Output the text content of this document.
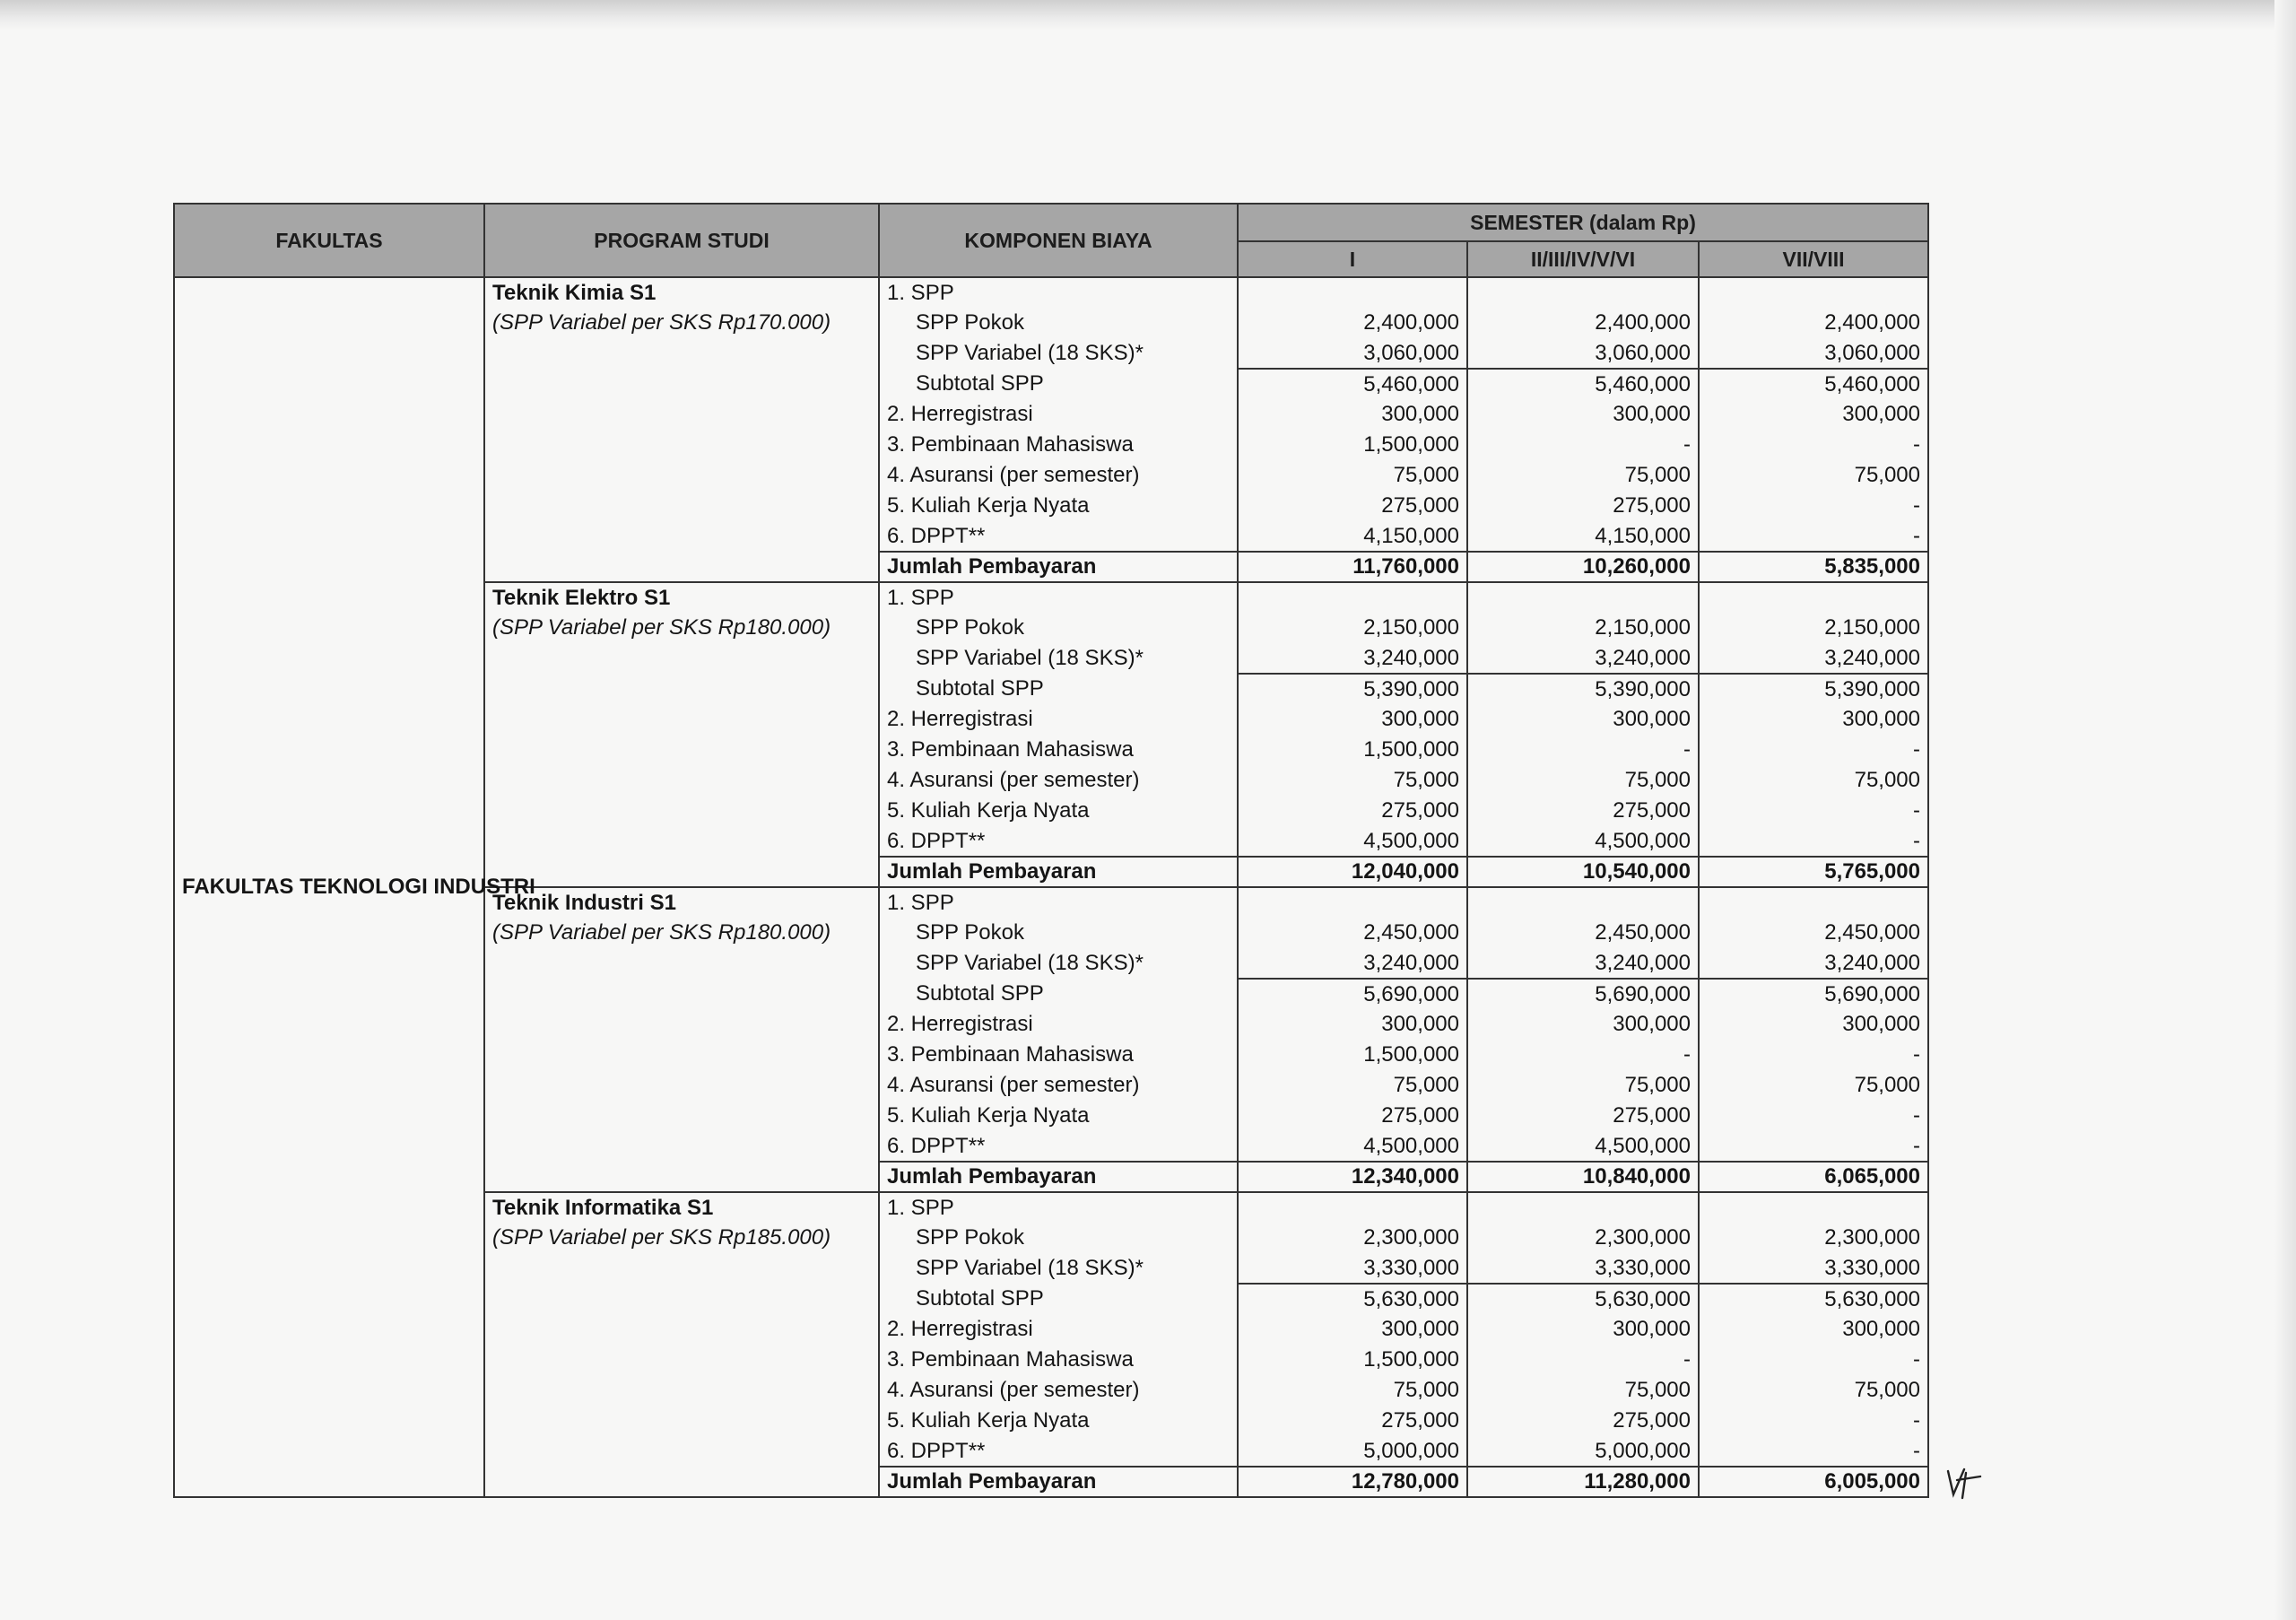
FAKULTAS	PROGRAM STUDI	KOMPONEN BIAYA	SEMESTER (dalam Rp)		
			I	II/III/IV/V/VI	VII/VIII
FAKULTAS TEKNOLOGI INDUSTRI	Teknik Kimia S1	1. SPP			
	(SPP Variabel per SKS Rp170.000)	SPP Pokok	2,400,000	2,400,000	2,400,000
		SPP Variabel (18 SKS)*	3,060,000	3,060,000	3,060,000
		Subtotal SPP	5,460,000	5,460,000	5,460,000
		2. Herregistrasi	300,000	300,000	300,000
		3. Pembinaan Mahasiswa	1,500,000	-	-
		4. Asuransi (per semester)	75,000	75,000	75,000
		5. Kuliah Kerja Nyata	275,000	275,000	-
		6. DPPT**	4,150,000	4,150,000	-
		Jumlah Pembayaran	11,760,000	10,260,000	5,835,000
	Teknik Elektro S1	1. SPP			
	(SPP Variabel per SKS Rp180.000)	SPP Pokok	2,150,000	2,150,000	2,150,000
		SPP Variabel (18 SKS)*	3,240,000	3,240,000	3,240,000
		Subtotal SPP	5,390,000	5,390,000	5,390,000
		2. Herregistrasi	300,000	300,000	300,000
		3. Pembinaan Mahasiswa	1,500,000	-	-
		4. Asuransi (per semester)	75,000	75,000	75,000
		5. Kuliah Kerja Nyata	275,000	275,000	-
		6. DPPT**	4,500,000	4,500,000	-
		Jumlah Pembayaran	12,040,000	10,540,000	5,765,000
	Teknik Industri S1	1. SPP			
	(SPP Variabel per SKS Rp180.000)	SPP Pokok	2,450,000	2,450,000	2,450,000
		SPP Variabel (18 SKS)*	3,240,000	3,240,000	3,240,000
		Subtotal SPP	5,690,000	5,690,000	5,690,000
		2. Herregistrasi	300,000	300,000	300,000
		3. Pembinaan Mahasiswa	1,500,000	-	-
		4. Asuransi (per semester)	75,000	75,000	75,000
		5. Kuliah Kerja Nyata	275,000	275,000	-
		6. DPPT**	4,500,000	4,500,000	-
		Jumlah Pembayaran	12,340,000	10,840,000	6,065,000
	Teknik Informatika S1	1. SPP			
	(SPP Variabel per SKS Rp185.000)	SPP Pokok	2,300,000	2,300,000	2,300,000
		SPP Variabel (18 SKS)*	3,330,000	3,330,000	3,330,000
		Subtotal SPP	5,630,000	5,630,000	5,630,000
		2. Herregistrasi	300,000	300,000	300,000
		3. Pembinaan Mahasiswa	1,500,000	-	-
		4. Asuransi (per semester)	75,000	75,000	75,000
		5. Kuliah Kerja Nyata	275,000	275,000	-
		6. DPPT**	5,000,000	5,000,000	-
		Jumlah Pembayaran	12,780,000	11,280,000	6,005,000
